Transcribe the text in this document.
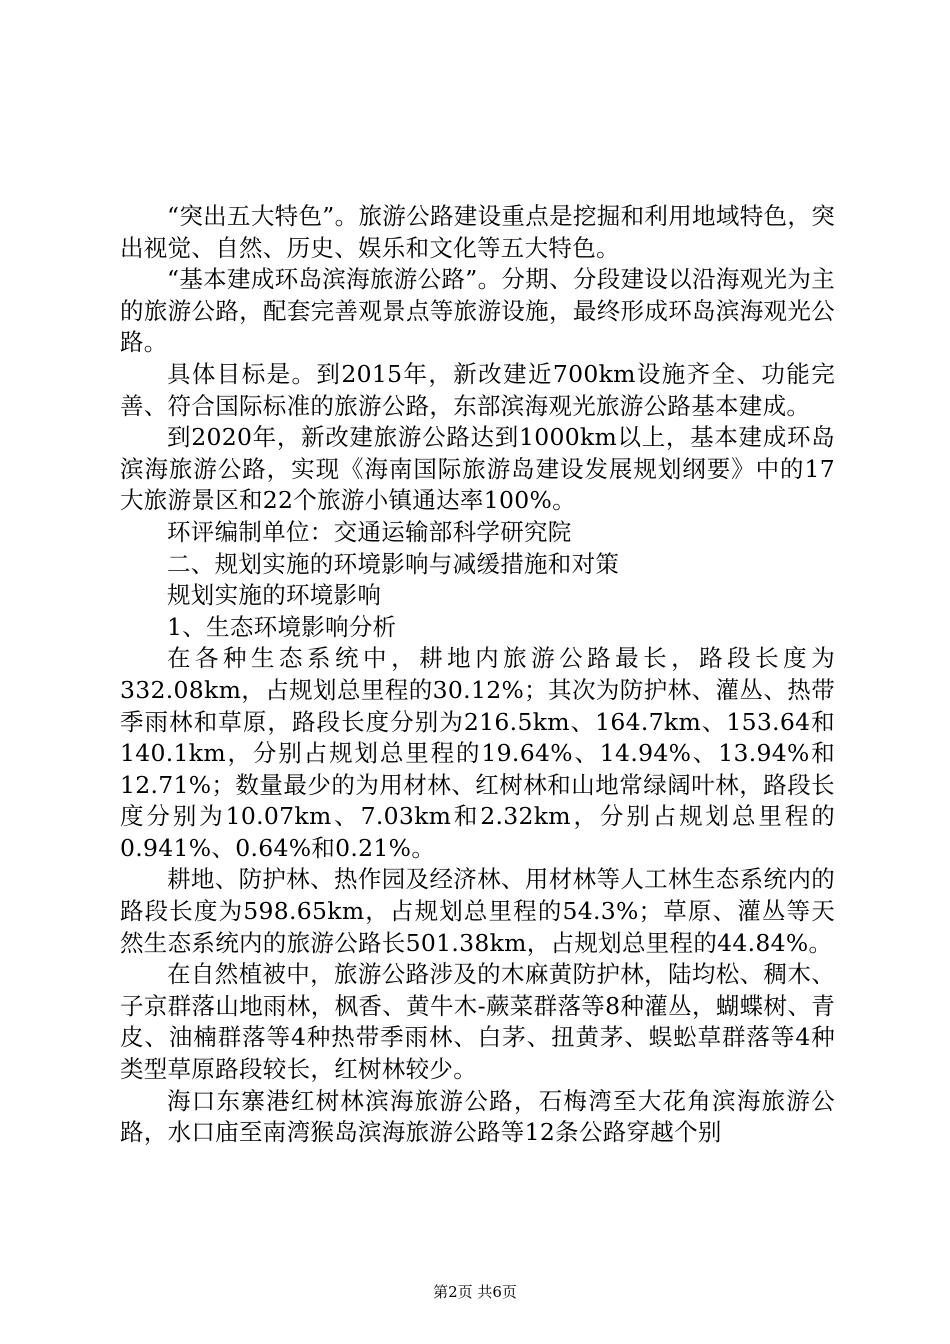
“突出五大特色”。旅游公路建设重点是挖掘和利用地域特色，突出视觉、自然、历史、娱乐和文化等五大特色。

“基本建成环岛滨海旅游公路”。分期、分段建设以沿海观光为主的旅游公路，配套完善观景点等旅游设施，最终形成环岛滨海观光公路。

具体目标是。到2015年，新改建近700km设施齐全、功能完善、符合国际标准的旅游公路，东部滨海观光旅游公路基本建成。

到2020年，新改建旅游公路达到1000km以上，基本建成环岛滨海旅游公路，实现《海南国际旅游岛建设发展规划纲要》中的17大旅游景区和22个旅游小镇通达率100%。

环评编制单位：交通运输部科学研究院

二、规划实施的环境影响与减缓措施和对策

规划实施的环境影响

1、生态环境影响分析

在各种生态系统中，耕地内旅游公路最长，路段长度为332.08km，占规划总里程的30.12%；其次为防护林、灌丛、热带季雨林和草原，路段长度分别为216.5km、164.7km、153.64和140.1km，分别占规划总里程的19.64%、14.94%、13.94%和12.71%；数量最少的为用材林、红树林和山地常绿阔叶林，路段长度分别为10.07km、7.03km和2.32km，分别占规划总里程的0.941%、0.64%和0.21%。

耕地、防护林、热作园及经济林、用材林等人工林生态系统内的路段长度为598.65km，占规划总里程的54.3%；草原、灌丛等天然生态系统内的旅游公路长501.38km，占规划总里程的44.84%。

在自然植被中，旅游公路涉及的木麻黄防护林，陆均松、稠木、子京群落山地雨林，枫香、黄牛木-蕨菜群落等8种灌丛，蝴蝶树、青皮、油楠群落等4种热带季雨林、白茅、扭黄茅、蜈蚣草群落等4种类型草原路段较长，红树林较少。

海口东寨港红树林滨海旅游公路，石梅湾至大花角滨海旅游公路，水口庙至南湾猴岛滨海旅游公路等12条公路穿越个别

第2页 共6页
